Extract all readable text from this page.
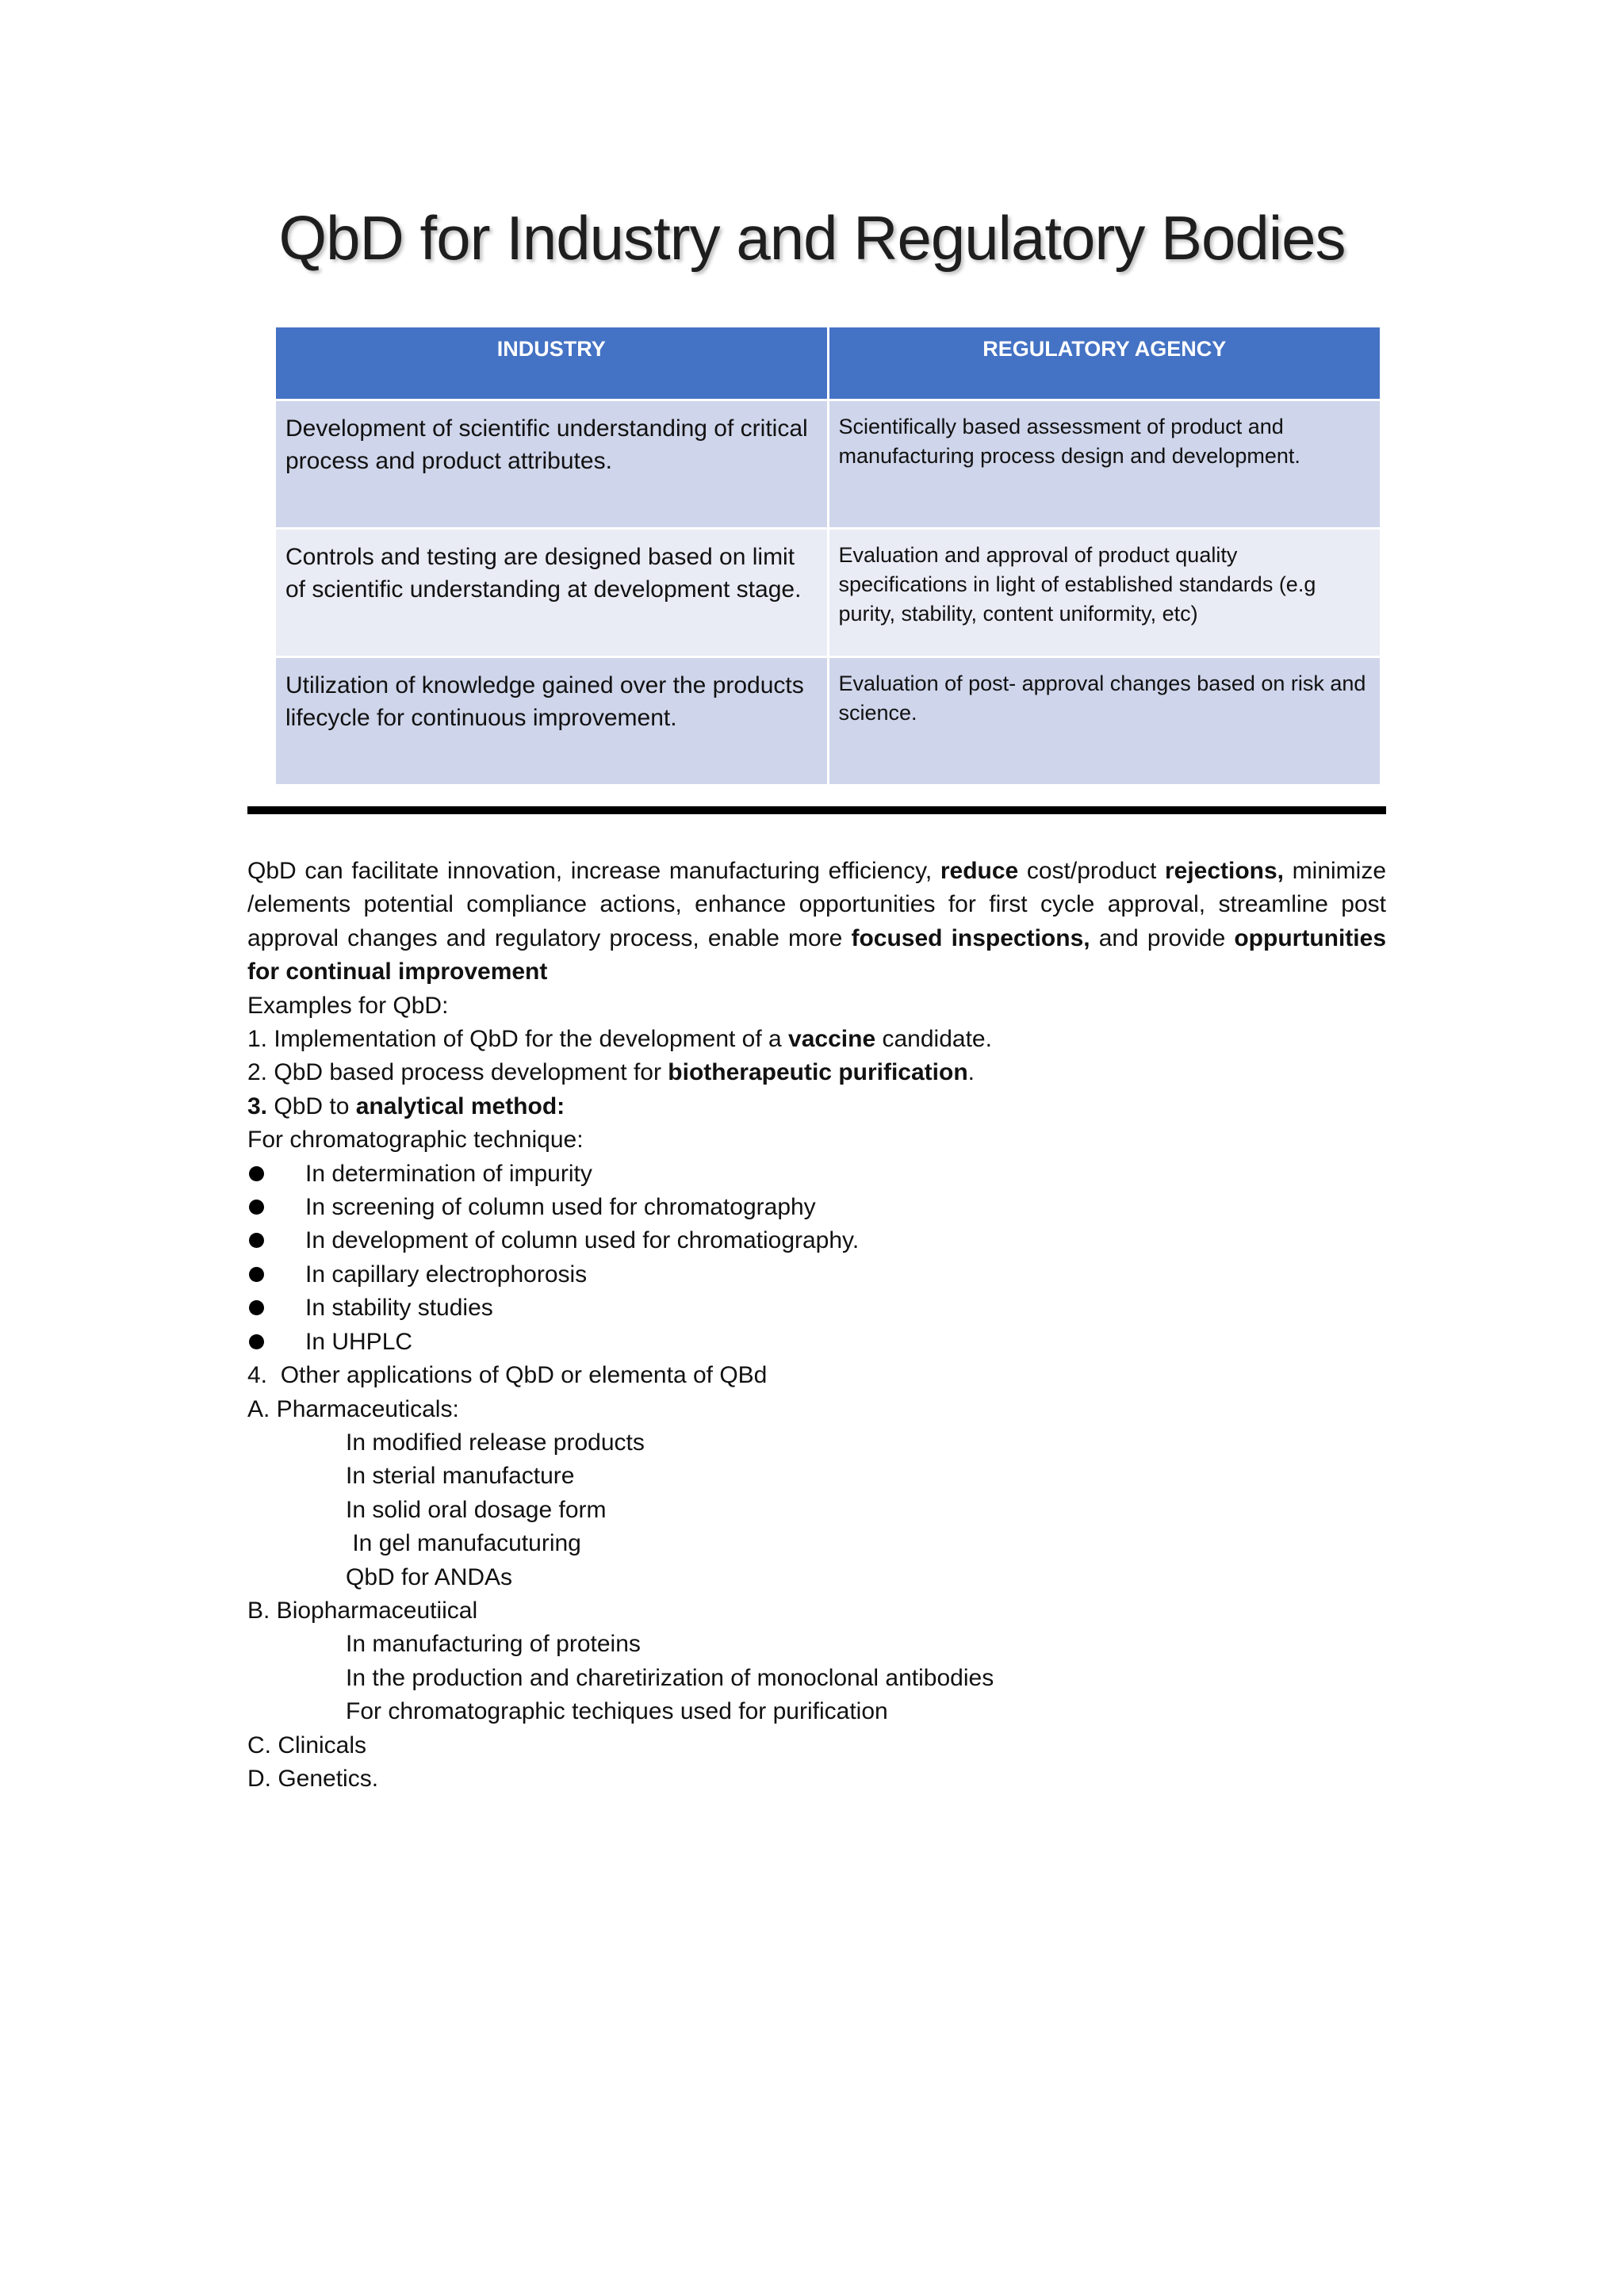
QbD for Industry and Regulatory Bodies
INDUSTRY	REGULATORY AGENCY
Development of scientific understanding of critical process and product attributes.	Scientifically based assessment of product and manufacturing process design and development.
Controls and testing are designed based on limit of scientific understanding at development stage.	Evaluation and approval of product quality specifications in light of established standards (e.g purity, stability, content uniformity, etc)
Utilization of knowledge gained over the products lifecycle for continuous improvement.	Evaluation of post- approval changes based on risk and science.

QbD can facilitate innovation, increase manufacturing efficiency, reduce cost/product rejections, minimize /elements potential compliance actions, enhance opportunities for first cycle approval, streamline post approval changes and regulatory process, enable more focused inspections, and provide oppurtunities for continual improvement

Examples for QbD:

1. Implementation of QbD for the development of a vaccine candidate.

2. QbD based process development for biotherapeutic purification.

3. QbD to analytical method:

For chromatographic technique:

In determination of impurity

In screening of column used for chromatography

In development of column used for chromatiography.

In capillary electrophorosis

In stability studies

In UHPLC

4.  Other applications of QbD or elementa of QBd

A. Pharmaceuticals:

In modified release products

In sterial manufacture

In solid oral dosage form

In gel manufacuturing

QbD for ANDAs

B. Biopharmaceutiical

In manufacturing of proteins

In the production and charetirization of monoclonal antibodies

For chromatographic techiques used for purification

C. Clinicals

D. Genetics.
